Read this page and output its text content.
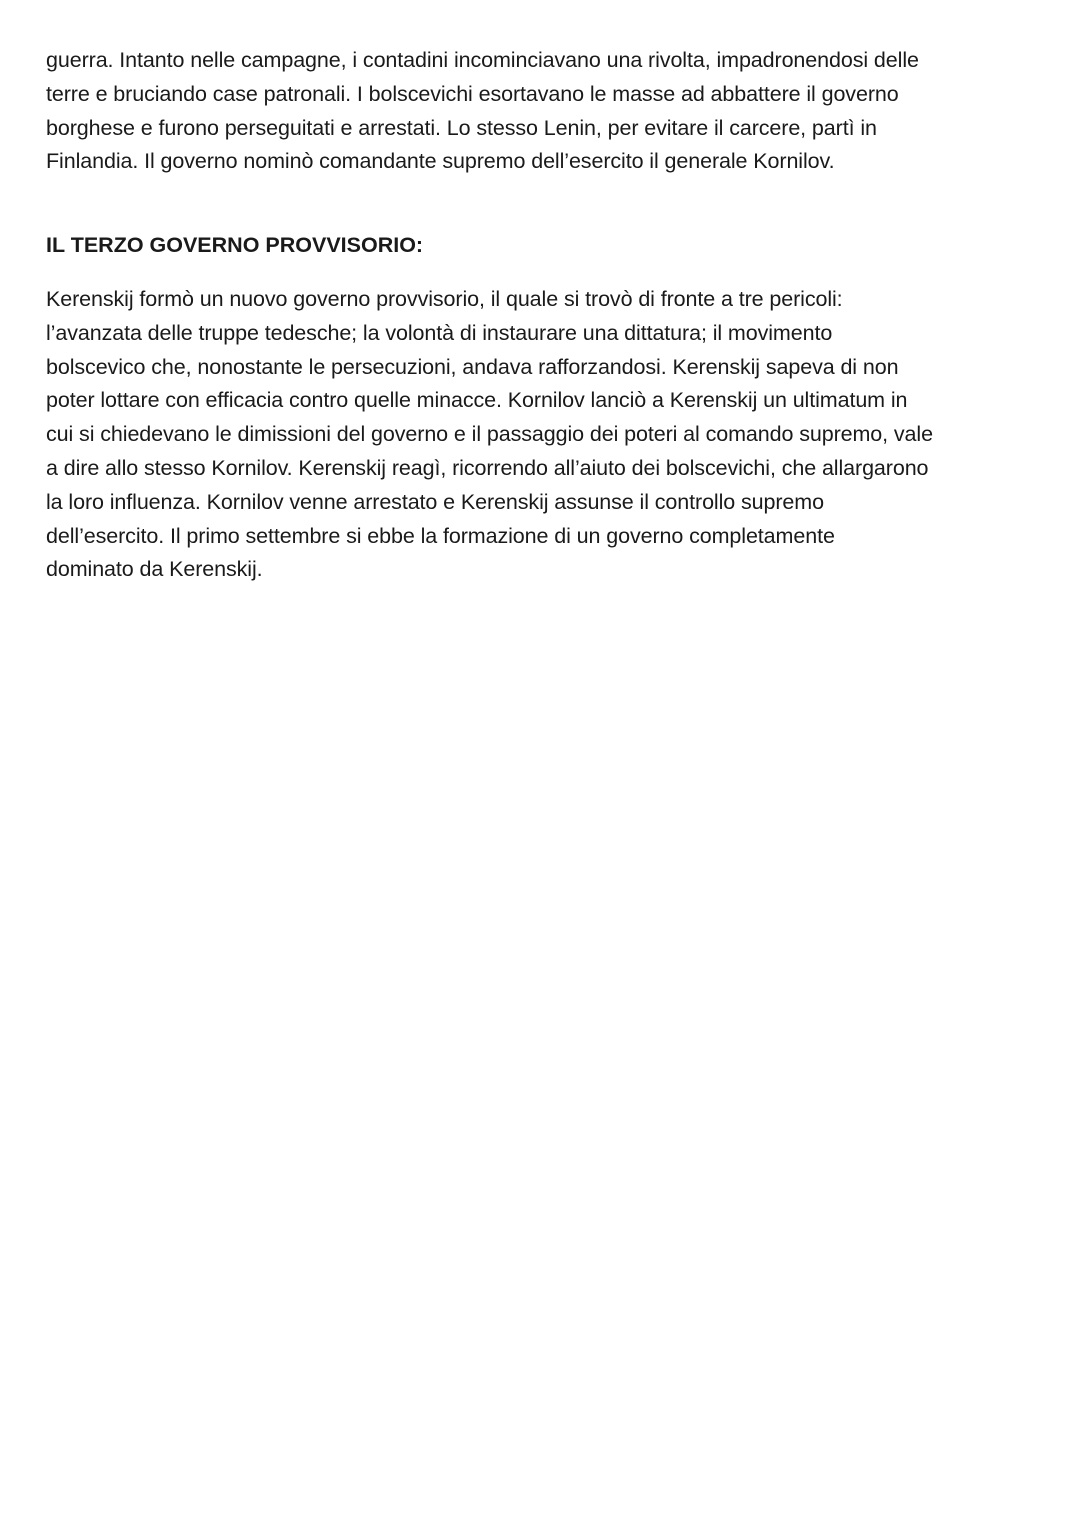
guerra. Intanto nelle campagne, i contadini incominciavano una rivolta, impadronendosi delle
terre e bruciando case patronali. I bolscevichi esortavano le masse ad abbattere il governo
borghese e furono perseguitati e arrestati. Lo stesso Lenin, per evitare il carcere, partì in
Finlandia. Il governo nominò comandante supremo dell’esercito il generale Kornilov.

IL TERZO GOVERNO PROVVISORIO:

Kerenskij formò un nuovo governo provvisorio, il quale si trovò di fronte a tre pericoli:
l’avanzata delle truppe tedesche; la volontà di instaurare una dittatura; il movimento
bolscevico che, nonostante le persecuzioni, andava rafforzandosi. Kerenskij sapeva di non
poter lottare con efficacia contro quelle minacce. Kornilov lanciò a Kerenskij un ultimatum in
cui si chiedevano le dimissioni del governo e il passaggio dei poteri al comando supremo, vale
a dire allo stesso Kornilov. Kerenskij reagì, ricorrendo all’aiuto dei bolscevichi, che allargarono
la loro influenza. Kornilov venne arrestato e Kerenskij assunse il controllo supremo
dell’esercito. Il primo settembre si ebbe la formazione di un governo completamente
dominato da Kerenskij.
